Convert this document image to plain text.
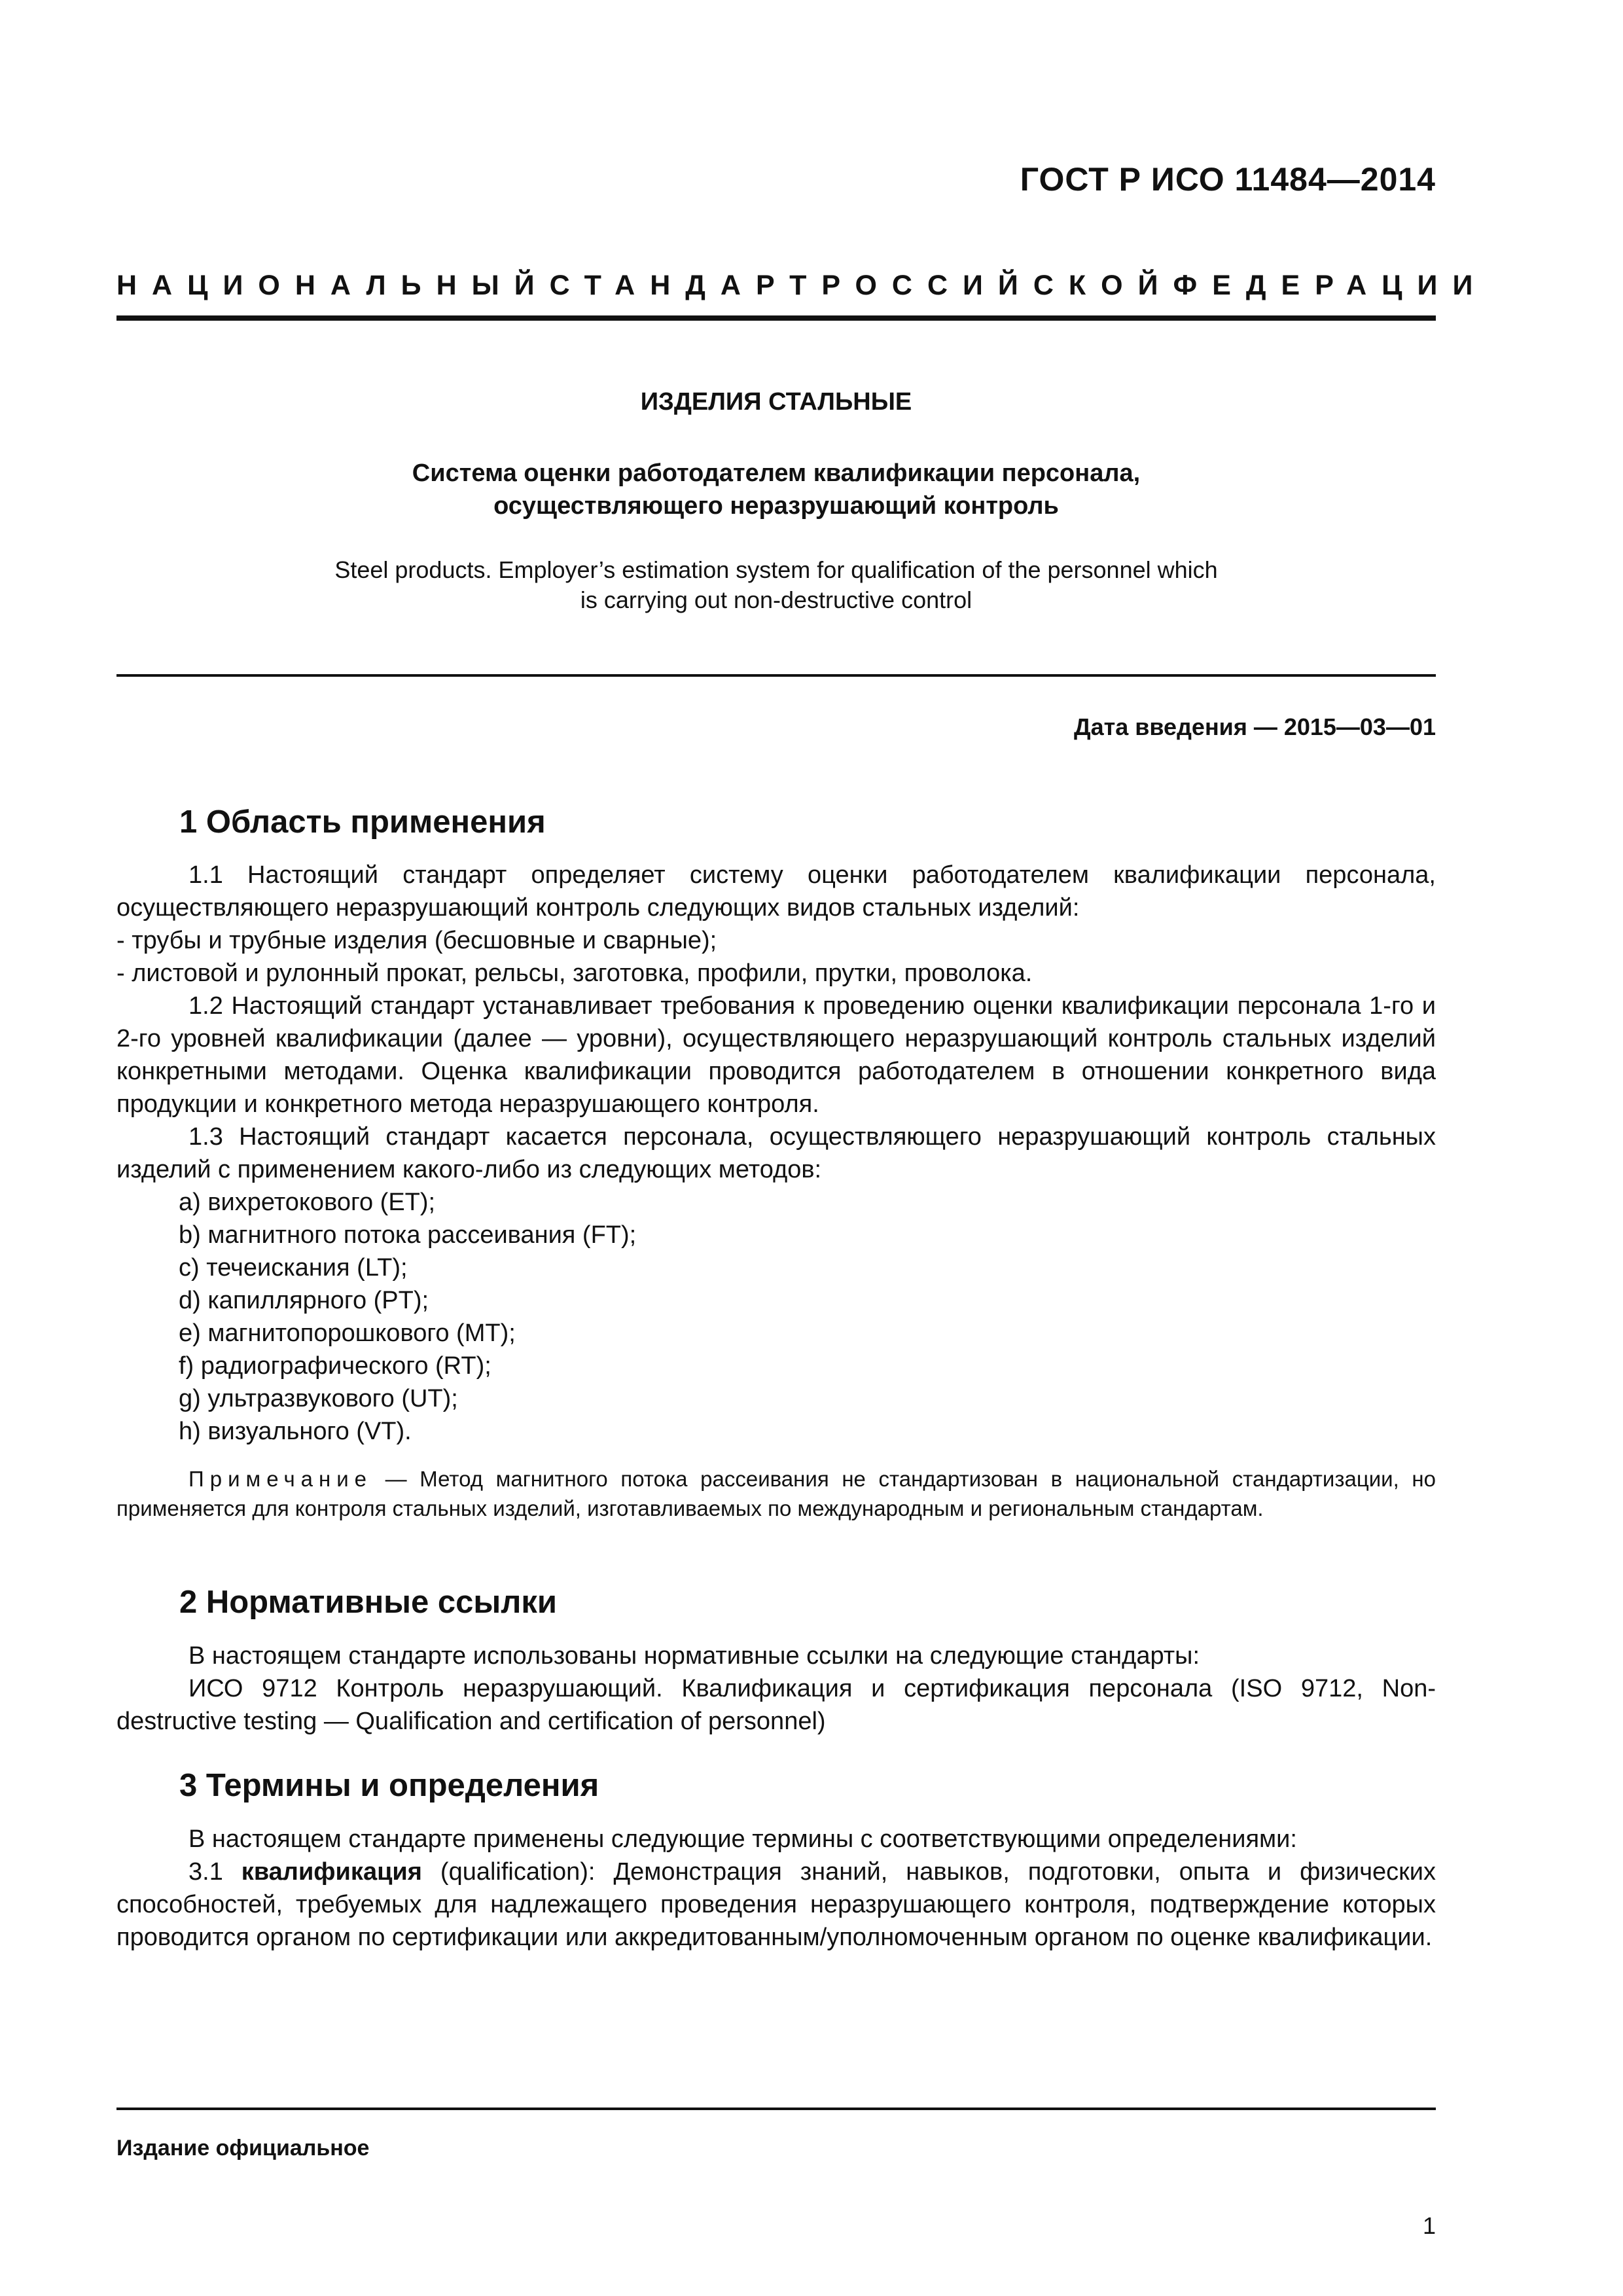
ГОСТ Р ИСО 11484—2014
НАЦИОНАЛЬНЫЙ СТАНДАРТ РОССИЙСКОЙ ФЕДЕРАЦИИ
ИЗДЕЛИЯ СТАЛЬНЫЕ
Система оценки работодателем квалификации персонала,
осуществляющего неразрушающий контроль
Steel products. Employer’s estimation system for qualification of the personnel which
is carrying out non-destructive control
Дата введения — 2015—03—01
1 Область применения

1.1 Настоящий стандарт определяет систему оценки работодателем квалификации персонала, осуществляющего неразрушающий контроль следующих видов стальных изделий:

- трубы и трубные изделия (бесшовные и сварные);

- листовой и рулонный прокат, рельсы, заготовка, профили, прутки, проволока.

1.2 Настоящий стандарт устанавливает требования к проведению оценки квалификации персонала 1-го и 2-го уровней квалификации (далее — уровни), осуществляющего неразрушающий контроль стальных изделий конкретными методами. Оценка квалификации проводится работодателем в отношении конкретного вида продукции и конкретного метода неразрушающего контроля.

1.3 Настоящий стандарт касается персонала, осуществляющего неразрушающий контроль стальных изделий с применением какого-либо из следующих методов:

a) вихретокового (ET);

b) магнитного потока рассеивания (FT);

c) течеискания (LT);

d) капиллярного (PT);

e) магнитопорошкового (MT);

f) радиографического (RT);

g) ультразвукового (UT);

h) визуального (VT).

Примечание — Метод магнитного потока рассеивания не стандартизован в национальной стандартизации, но применяется для контроля стальных изделий, изготавливаемых по международным и региональным стандартам.

2 Нормативные ссылки

В настоящем стандарте использованы нормативные ссылки на следующие стандарты:

ИСО 9712 Контроль неразрушающий. Квалификация и сертификация персонала (ISO 9712, Non-destructive testing — Qualification and certification of personnel)

3 Термины и определения

В настоящем стандарте применены следующие термины с соответствующими определениями:

3.1 квалификация (qualification): Демонстрация знаний, навыков, подготовки, опыта и физических способностей, требуемых для надлежащего проведения неразрушающего контроля, подтверждение которых проводится органом по сертификации или аккредитованным/уполномоченным органом по оценке квалификации.

Издание официальное
1
